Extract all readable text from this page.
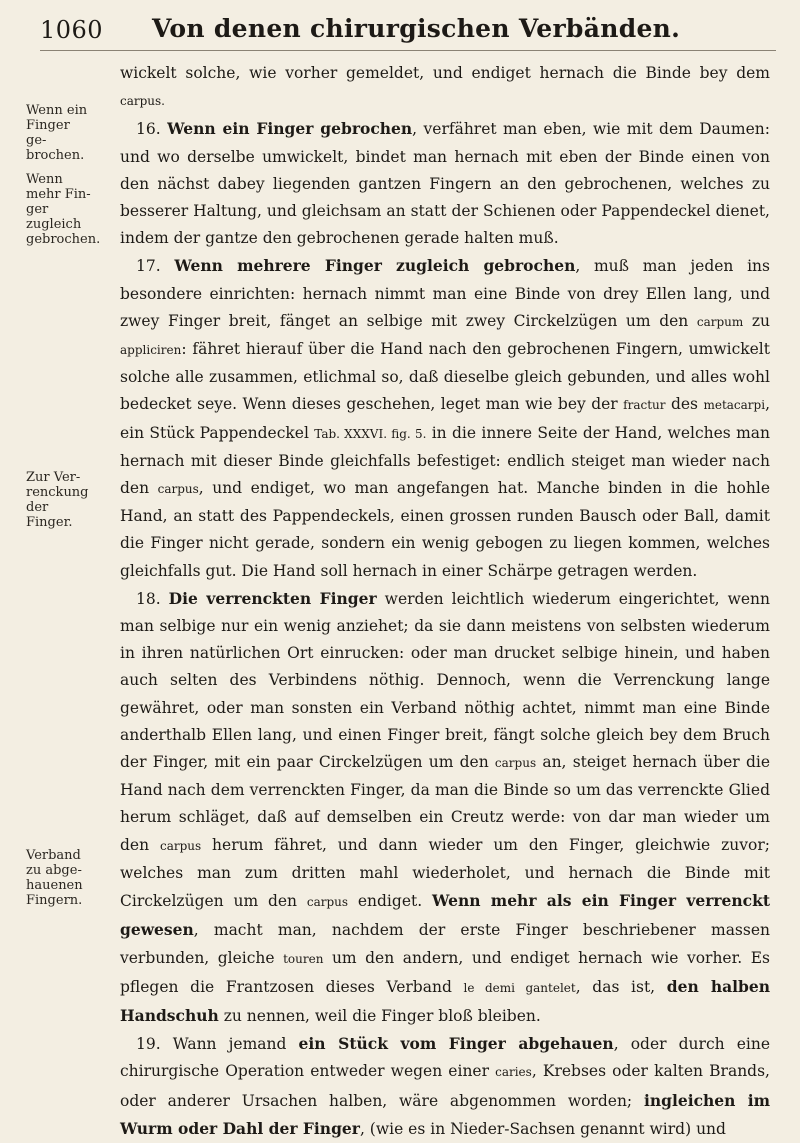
1060 Von denen chirurgischen Verbänden.
Wenn ein
Finger ge-
brochen.
Wenn
mehr Fin-
ger zugleich
gebrochen.
Zur Ver-
renckung
der Finger.
Verband
zu abge-
hauenen
Fingern.

wickelt solche, wie vorher gemeldet, und endiget hernach die Binde bey dem carpus.

16. Wenn ein Finger gebrochen, verfähret man eben, wie mit dem Daumen: und wo derselbe umwickelt, bindet man hernach mit eben der Binde einen von den nächst dabey liegenden gantzen Fingern an den gebrochenen, welches zu besserer Haltung, und gleichsam an statt der Schienen oder Pappendeckel dienet, indem der gantze den gebrochenen gerade halten muß.

17. Wenn mehrere Finger zugleich gebrochen, muß man jeden ins besondere einrichten: hernach nimmt man eine Binde von drey Ellen lang, und zwey Finger breit, fänget an selbige mit zwey Circkelzügen um den carpum zu appliciren: fähret hierauf über die Hand nach den gebrochenen Fingern, umwickelt solche alle zusammen, etlichmal so, daß dieselbe gleich gebunden, und alles wohl bedecket seye. Wenn dieses geschehen, leget man wie bey der fractur des metacarpi, ein Stück Pappendeckel Tab. XXXVI. fig. 5. in die innere Seite der Hand, welches man hernach mit dieser Binde gleichfalls befestiget: endlich steiget man wieder nach den carpus, und endiget, wo man angefangen hat. Manche binden in die hohle Hand, an statt des Pappendeckels, einen grossen runden Bausch oder Ball, damit die Finger nicht gerade, sondern ein wenig gebogen zu liegen kommen, welches gleichfalls gut. Die Hand soll hernach in einer Schärpe getragen werden.

18. Die verrenckten Finger werden leichtlich wiederum eingerichtet, wenn man selbige nur ein wenig anziehet; da sie dann meistens von selbsten wiederum in ihren natürlichen Ort einrucken: oder man drucket selbige hinein, und haben auch selten des Verbindens nöthig. Dennoch, wenn die Verrenckung lange gewähret, oder man sonsten ein Verband nöthig achtet, nimmt man eine Binde anderthalb Ellen lang, und einen Finger breit, fängt solche gleich bey dem Bruch der Finger, mit ein paar Circkelzügen um den carpus an, steiget hernach über die Hand nach dem verrenckten Finger, da man die Binde so um das verrenckte Glied herum schläget, daß auf demselben ein Creutz werde: von dar man wieder um den carpus herum fähret, und dann wieder um den Finger, gleichwie zuvor; welches man zum dritten mahl wiederholet, und hernach die Binde mit Circkelzügen um den carpus endiget. Wenn mehr als ein Finger verrenckt gewesen, macht man, nachdem der erste Finger beschriebener massen verbunden, gleiche touren um den andern, und endiget hernach wie vorher. Es pflegen die Frantzosen dieses Verband le demi gantelet, das ist, den halben Handschuh zu nennen, weil die Finger bloß bleiben.

19. Wann jemand ein Stück vom Finger abgehauen, oder durch eine chirurgische Operation entweder wegen einer caries, Krebses oder kalten Brands, oder anderer Ursachen halben, wäre abgenommen worden; ingleichen im Wurm oder Dahl der Finger, (wie es in Nieder-Sachsen genannt wird) und
